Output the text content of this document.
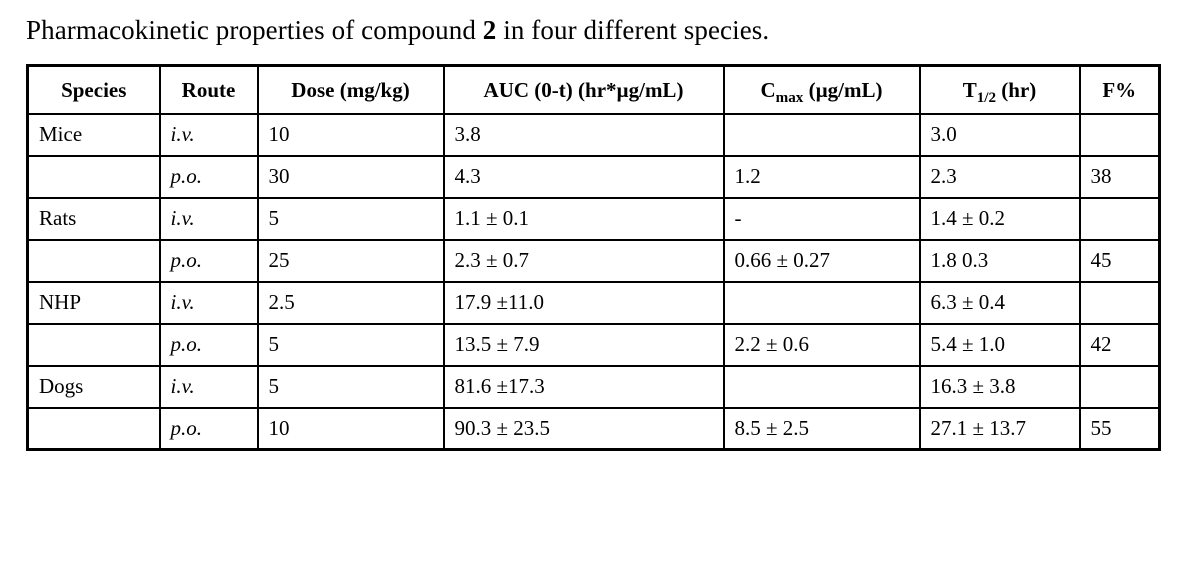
Pharmacokinetic properties of compound 2 in four different species.
Species	Route	Dose (mg/kg)	AUC (0-t) (hr*µg/mL)	$C_{max}$ (µg/mL)	$T_{1/2}$ (hr)	F%
Mice	i.v.	10	3.8		3.0	
	p.o.	30	4.3	1.2	2.3	38
Rats	i.v.	5	1.1 ± 0.1	-	1.4 ± 0.2	
	p.o.	25	2.3 ± 0.7	0.66 ± 0.27	1.8 0.3	45
NHP	i.v.	2.5	17.9 ±11.0		6.3 ± 0.4	
	p.o.	5	13.5 ± 7.9	2.2 ± 0.6	5.4 ± 1.0	42
Dogs	i.v.	5	81.6 ±17.3		16.3 ± 3.8	
	p.o.	10	90.3 ± 23.5	8.5 ± 2.5	27.1 ± 13.7	55
